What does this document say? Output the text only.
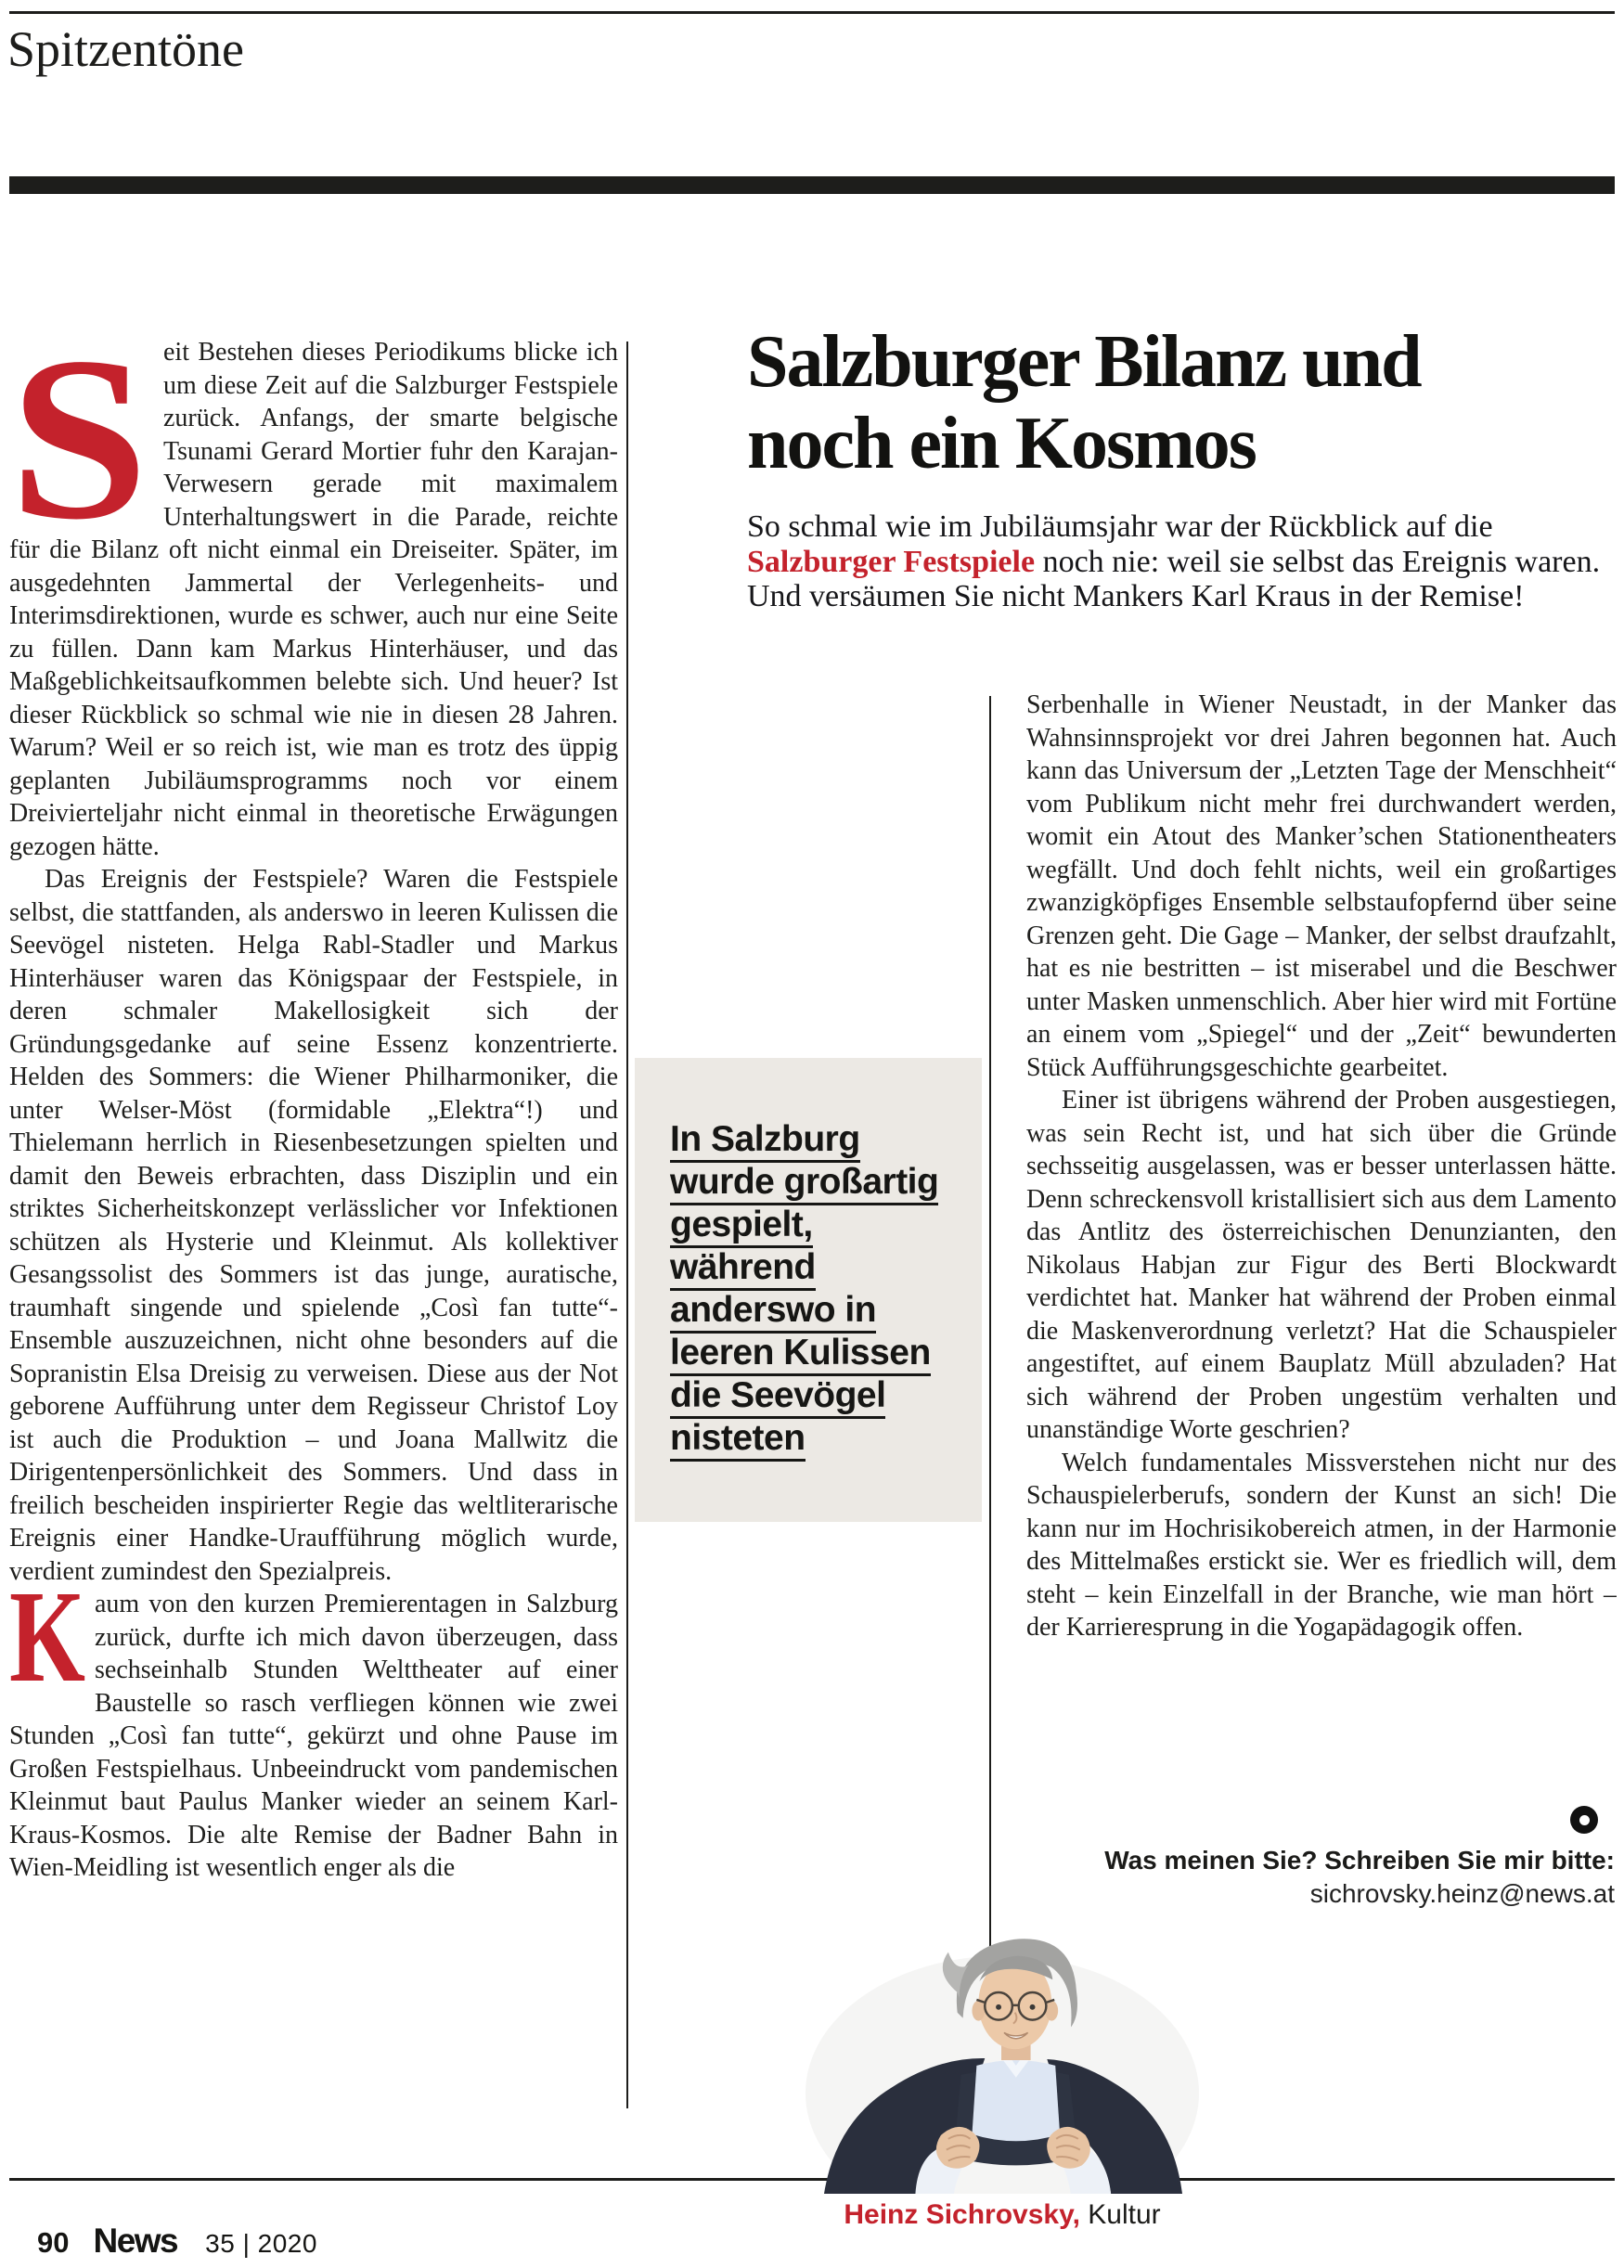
Spitzentöne
Salzburger Bilanz und
noch ein Kosmos
So schmal wie im Jubiläumsjahr war der Rückblick auf die Salzburger Festspiele noch nie: weil sie selbst das Ereignis waren. Und versäumen Sie nicht Mankers Karl Kraus in der Remise!

S eit Bestehen dieses Periodikums blicke ich um diese Zeit auf die Salzburger Festspiele zurück. Anfangs, der smarte belgische Tsunami Gerard Mortier fuhr den Karajan-Verwesern gerade mit maximalem Unterhaltungswert in die Parade, reichte für die Bilanz oft nicht einmal ein Dreiseiter. Später, im ausgedehnten Jammertal der Verlegenheits- und Interimsdirektionen, wurde es schwer, auch nur eine Seite zu füllen. Dann kam Markus Hinterhäuser, und das Maßgeblichkeitsaufkommen belebte sich. Und heuer? Ist dieser Rückblick so schmal wie nie in diesen 28 Jahren. Warum? Weil er so reich ist, wie man es trotz des üppig geplanten Jubiläumsprogramms noch vor einem Dreivierteljahr nicht einmal in theoretische Erwägungen gezogen hätte.

Das Ereignis der Festspiele? Waren die Festspiele selbst, die stattfanden, als anderswo in leeren Kulissen die Seevögel nisteten. Helga Rabl-Stadler und Markus Hinterhäuser waren das Königspaar der Festspiele, in deren schmaler Makellosigkeit sich der Gründungsgedanke auf seine Essenz konzentrierte. Helden des Sommers: die Wiener Philharmoniker, die unter Welser-Möst (formidable „Elektra“!) und Thielemann herrlich in Riesenbesetzungen spielten und damit den Beweis erbrachten, dass Disziplin und ein striktes Sicherheitskonzept verlässlicher vor Infektionen schützen als Hysterie und Kleinmut. Als kollektiver Gesangssolist des Sommers ist das junge, auratische, traumhaft singende und spielende „Così fan tutte“-Ensemble auszuzeichnen, nicht ohne besonders auf die Sopranistin Elsa Dreisig zu verweisen. Diese aus der Not geborene Aufführung unter dem Regisseur Christof Loy ist auch die Produktion – und Joana Mallwitz die Dirigentenpersönlichkeit des Sommers. Und dass in freilich bescheiden inspirierter Regie das weltliterarische Ereignis einer Handke-Uraufführung möglich wurde, verdient zumindest den Spezialpreis.

K aum von den kurzen Premierentagen in Salzburg zurück, durfte ich mich davon überzeugen, dass sechseinhalb Stunden Welttheater auf einer Baustelle so rasch verfliegen können wie zwei Stunden „Così fan tutte“, gekürzt und ohne Pause im Großen Festspielhaus. Unbeeindruckt vom pandemischen Kleinmut baut Paulus Manker wieder an seinem Karl-Kraus-Kosmos. Die alte Remise der Badner Bahn in Wien-Meidling ist wesentlich enger als die

In Salzburg
wurde großartig
gespielt,
während
anderswo in
leeren Kulissen
die Seevögel
nisteten

Serbenhalle in Wiener Neustadt, in der Manker das Wahnsinnsprojekt vor drei Jahren begonnen hat. Auch kann das Universum der „Letzten Tage der Menschheit“ vom Publikum nicht mehr frei durchwandert werden, womit ein Atout des Manker’schen Stationentheaters wegfällt. Und doch fehlt nichts, weil ein großartiges zwanzigköpfiges Ensemble selbstaufopfernd über seine Grenzen geht. Die Gage – Manker, der selbst draufzahlt, hat es nie bestritten – ist miserabel und die Beschwer unter Masken unmenschlich. Aber hier wird mit Fortüne an einem vom „Spiegel“ und der „Zeit“ bewunderten Stück Aufführungsgeschichte gearbeitet.

Einer ist übrigens während der Proben ausgestiegen, was sein Recht ist, und hat sich über die Gründe sechsseitig ausgelassen, was er besser unterlassen hätte. Denn schreckensvoll kristallisiert sich aus dem Lamento das Antlitz des österreichischen Denunzianten, den Nikolaus Habjan zur Figur des Berti Blockwardt verdichtet hat. Manker hat während der Proben einmal die Maskenverordnung verletzt? Hat die Schauspieler angestiftet, auf einem Bauplatz Müll abzuladen? Hat sich während der Proben ungestüm verhalten und unanständige Worte geschrien?

Welch fundamentales Missverstehen nicht nur des Schauspielerberufs, sondern der Kunst an sich! Die kann nur im Hochrisikobereich atmen, in der Harmonie des Mittelmaßes erstickt sie. Wer es friedlich will, dem steht – kein Einzelfall in der Branche, wie man hört – der Karrieresprung in die Yogapädagogik offen.

Was meinen Sie? Schreiben Sie mir bitte:
sichrovsky.heinz@news.at
Heinz Sichrovsky, Kultur
90 News 35 | 2020
